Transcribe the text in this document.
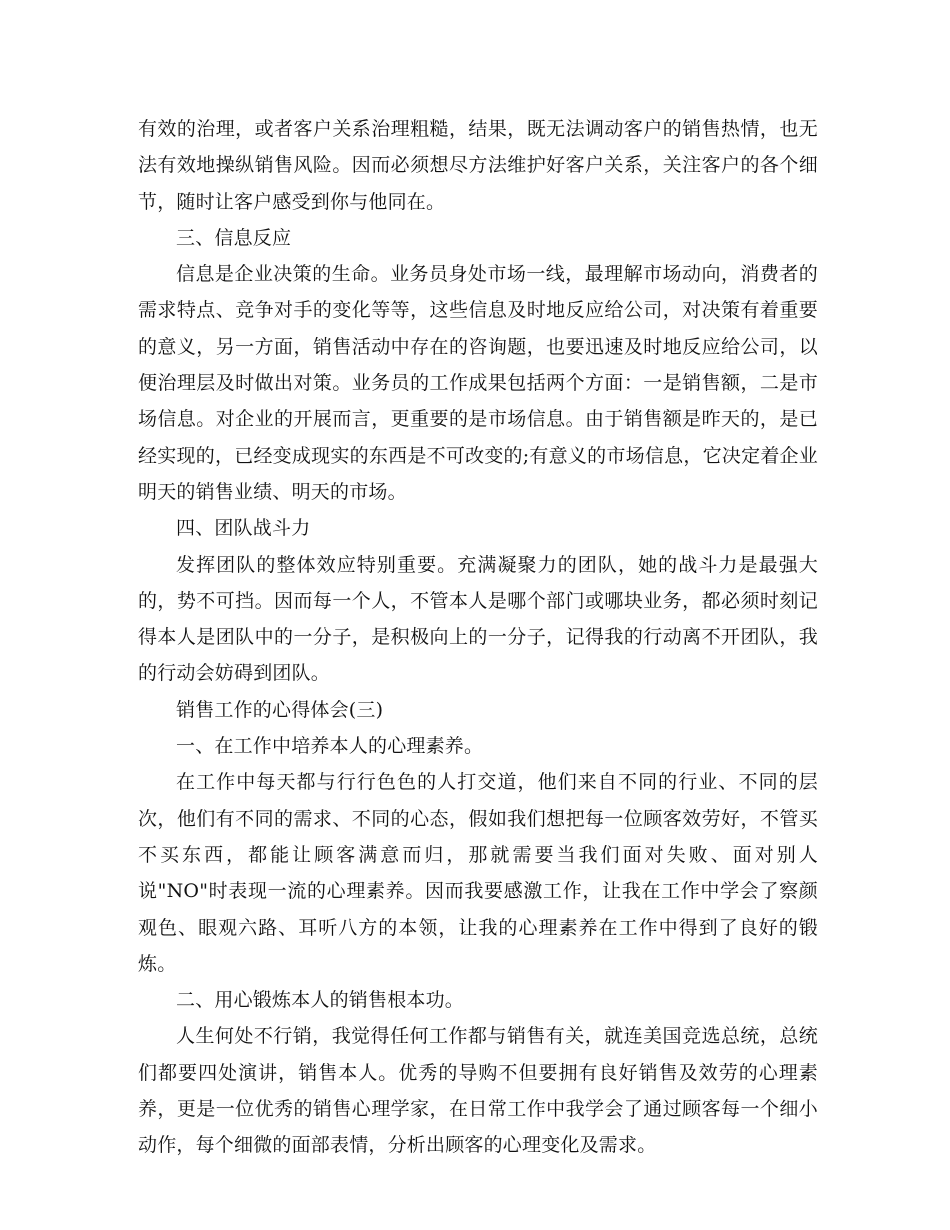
有效的治理，或者客户关系治理粗糙，结果，既无法调动客户的销售热情，也无法有效地操纵销售风险。因而必须想尽方法维护好客户关系，关注客户的各个细节，随时让客户感受到你与他同在。

三、信息反应

信息是企业决策的生命。业务员身处市场一线，最理解市场动向，消费者的需求特点、竞争对手的变化等等，这些信息及时地反应给公司，对决策有着重要的意义，另一方面，销售活动中存在的咨询题，也要迅速及时地反应给公司，以便治理层及时做出对策。业务员的工作成果包括两个方面：一是销售额，二是市场信息。对企业的开展而言，更重要的是市场信息。由于销售额是昨天的，是已经实现的，已经变成现实的东西是不可改变的;有意义的市场信息，它决定着企业明天的销售业绩、明天的市场。

四、团队战斗力

发挥团队的整体效应特别重要。充满凝聚力的团队，她的战斗力是最强大的，势不可挡。因而每一个人，不管本人是哪个部门或哪块业务，都必须时刻记得本人是团队中的一分子，是积极向上的一分子，记得我的行动离不开团队，我的行动会妨碍到团队。

销售工作的心得体会(三)

一、在工作中培养本人的心理素养。

在工作中每天都与行行色色的人打交道，他们来自不同的行业、不同的层次，他们有不同的需求、不同的心态，假如我们想把每一位顾客效劳好，不管买不买东西，都能让顾客满意而归，那就需要当我们面对失败、面对别人说"NO"时表现一流的心理素养。因而我要感激工作，让我在工作中学会了察颜观色、眼观六路、耳听八方的本领，让我的心理素养在工作中得到了良好的锻炼。

二、用心锻炼本人的销售根本功。

人生何处不行销，我觉得任何工作都与销售有关，就连美国竞选总统，总统们都要四处演讲，销售本人。优秀的导购不但要拥有良好销售及效劳的心理素养，更是一位优秀的销售心理学家，在日常工作中我学会了通过顾客每一个细小动作，每个细微的面部表情，分析出顾客的心理变化及需求。
